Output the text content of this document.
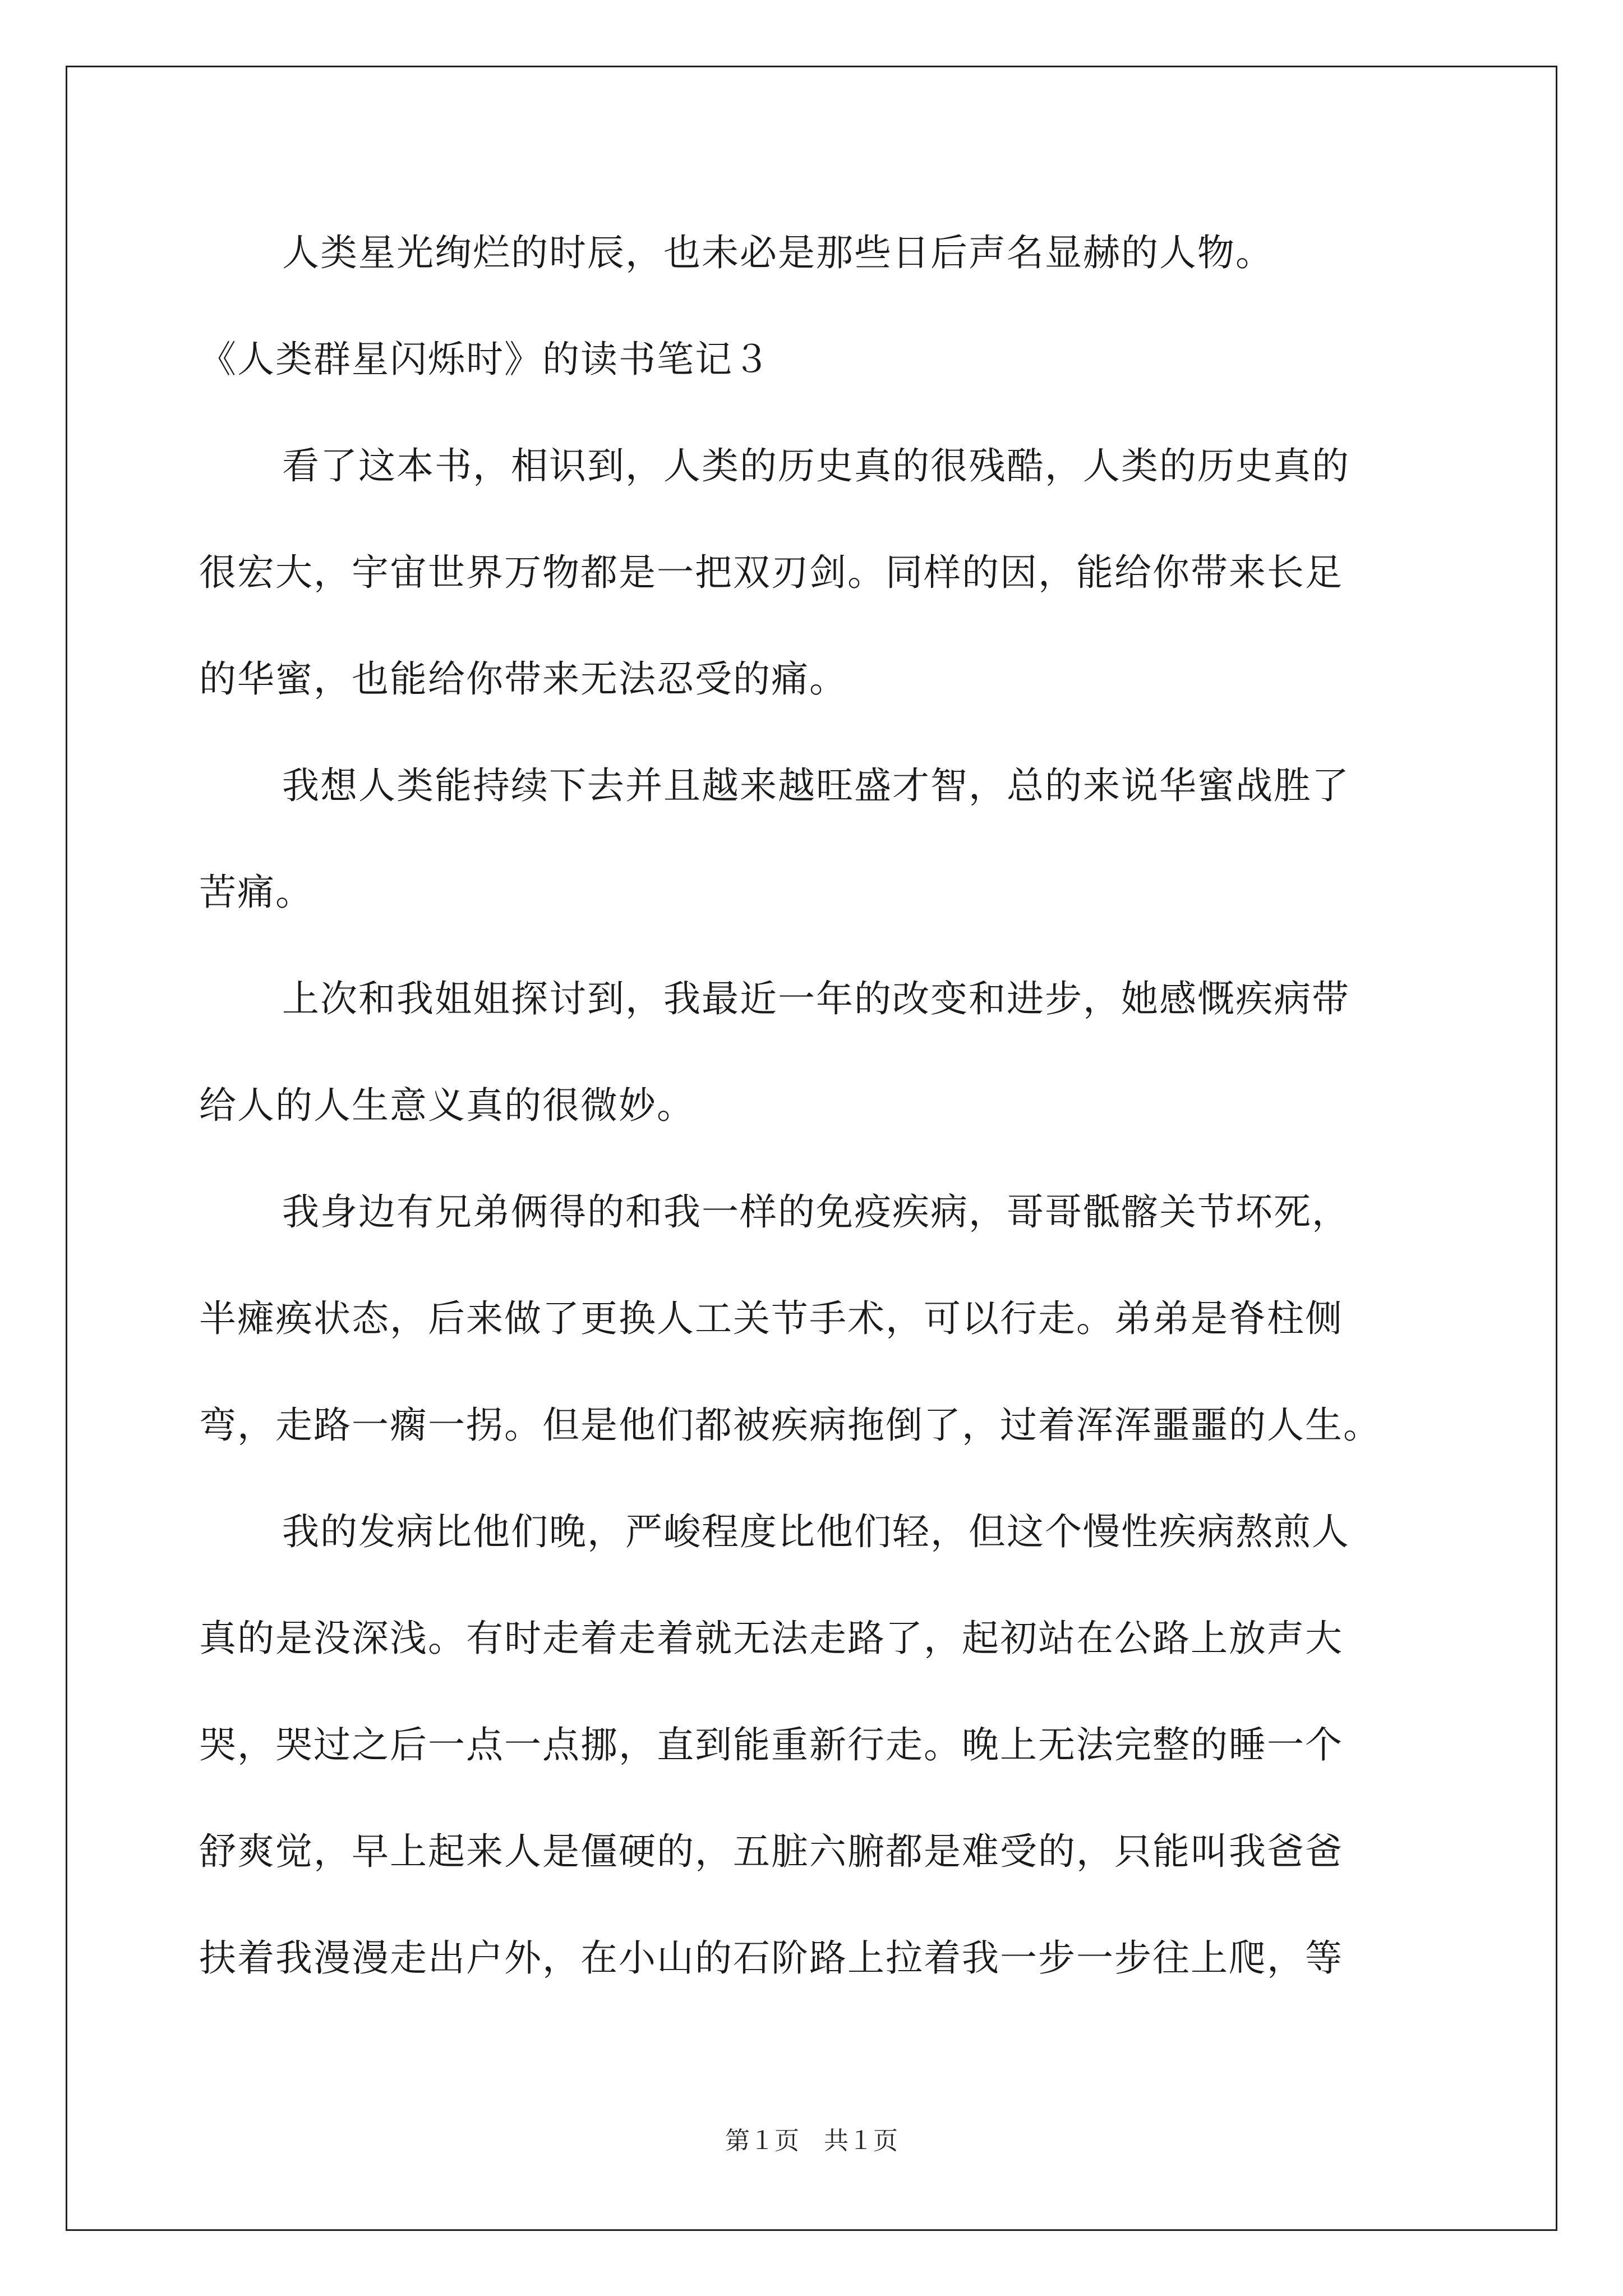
人类星光绚烂的时辰，也未必是那些日后声名显赫的人物。
《人类群星闪烁时》的读书笔记３
看了这本书，相识到，人类的历史真的很残酷，人类的历史真的
很宏大，宇宙世界万物都是一把双刃剑。同样的因，能给你带来长足
的华蜜，也能给你带来无法忍受的痛。
我想人类能持续下去并且越来越旺盛才智，总的来说华蜜战胜了
苦痛。
上次和我姐姐探讨到，我最近一年的改变和进步，她感慨疾病带
给人的人生意义真的很微妙。
我身边有兄弟俩得的和我一样的免疫疾病，哥哥骶髂关节坏死，
半瘫痪状态，后来做了更换人工关节手术，可以行走。弟弟是脊柱侧
弯，走路一瘸一拐。但是他们都被疾病拖倒了，过着浑浑噩噩的人生。
我的发病比他们晚，严峻程度比他们轻，但这个慢性疾病熬煎人
真的是没深浅。有时走着走着就无法走路了，起初站在公路上放声大
哭，哭过之后一点一点挪，直到能重新行走。晚上无法完整的睡一个
舒爽觉，早上起来人是僵硬的，五脏六腑都是难受的，只能叫我爸爸
扶着我漫漫走出户外，在小山的石阶路上拉着我一步一步往上爬，等
第１页 共１页
